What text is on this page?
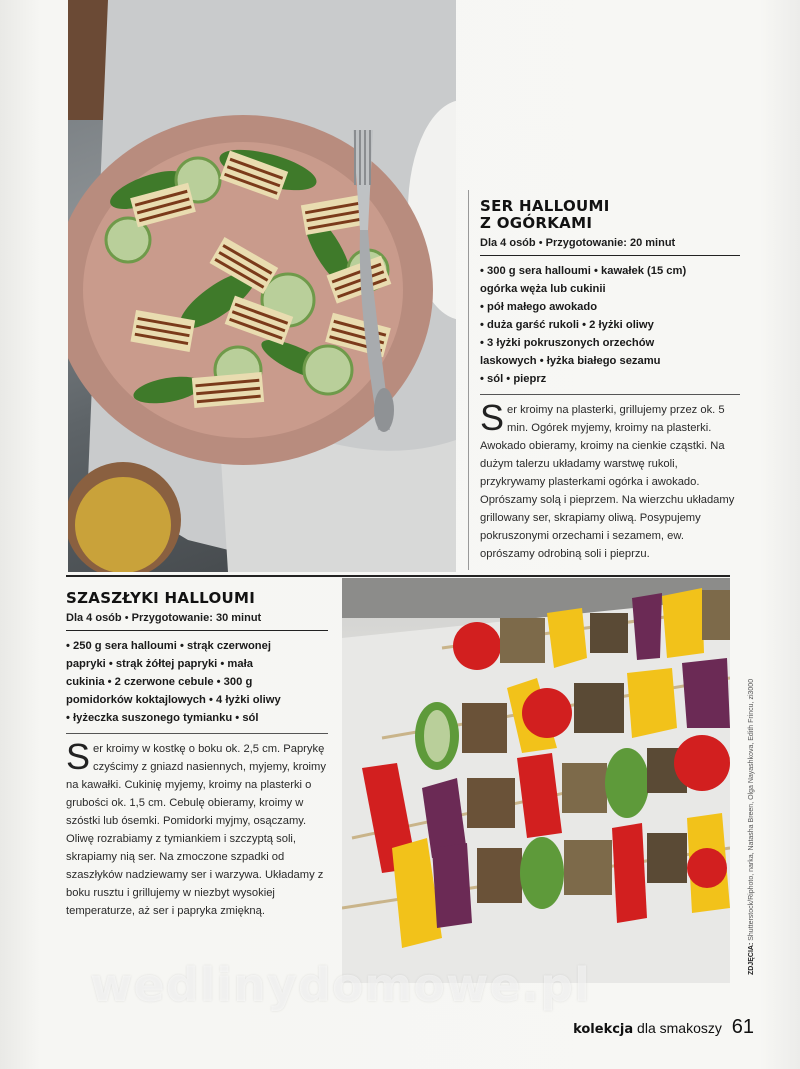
SER HALLOUMI
Z OGÓRKAMI
Dla 4 osób • Przygotowanie: 20 minut
• 300 g sera halloumi • kawałek (15 cm)
ogórka węża lub cukinii
• pół małego awokado
• duża garść rukoli • 2 łyżki oliwy
• 3 łyżki pokruszonych orzechów
laskowych • łyżka białego sezamu
• sól • pieprz
Ser kroimy na plasterki, grillujemy przez ok. 5 min. Ogórek myjemy, kroimy na plasterki. Awokado obieramy, kroimy na cienkie cząstki. Na dużym talerzu układamy warstwę rukoli, przykrywamy plasterkami ogórka i awokado. Oprószamy solą i pieprzem. Na wierzchu układamy grillowany ser, skrapiamy oliwą. Posypujemy pokruszonymi orzechami i sezamem, ew. oprószamy odrobiną soli i pieprzu.
SZASZŁYKI HALLOUMI
Dla 4 osób • Przygotowanie: 30 minut
• 250 g sera halloumi • strąk czerwonej
papryki • strąk żółtej papryki • mała
cukinia • 2 czerwone cebule • 300 g
pomidorków koktajlowych • 4 łyżki oliwy
• łyżeczka suszonego tymianku • sól
Ser kroimy w kostkę o boku ok. 2,5 cm. Paprykę czyścimy z gniazd nasiennych, myjemy, kroimy na kawałki. Cukinię myjemy, kroimy na plasterki o grubości ok. 1,5 cm. Cebulę obieramy, kroimy w szóstki lub ósemki. Pomidorki myjmy, osączamy. Oliwę rozrabiamy z tymiankiem i szczyptą soli, skrapiamy nią ser. Na zmoczone szpadki od szaszłyków nadziewamy ser i warzywa. Układamy z boku rusztu i grillujemy w niezbyt wysokiej temperaturze, aż ser i papryka zmiękną.
ZDJĘCIA: Shutterstock/Riphoto, narka, Natasha Breen, Olga Nayashkova, Edith Frincu, zi3000
wedlinydomowe.pl
kolekcja dla smakoszy 61
